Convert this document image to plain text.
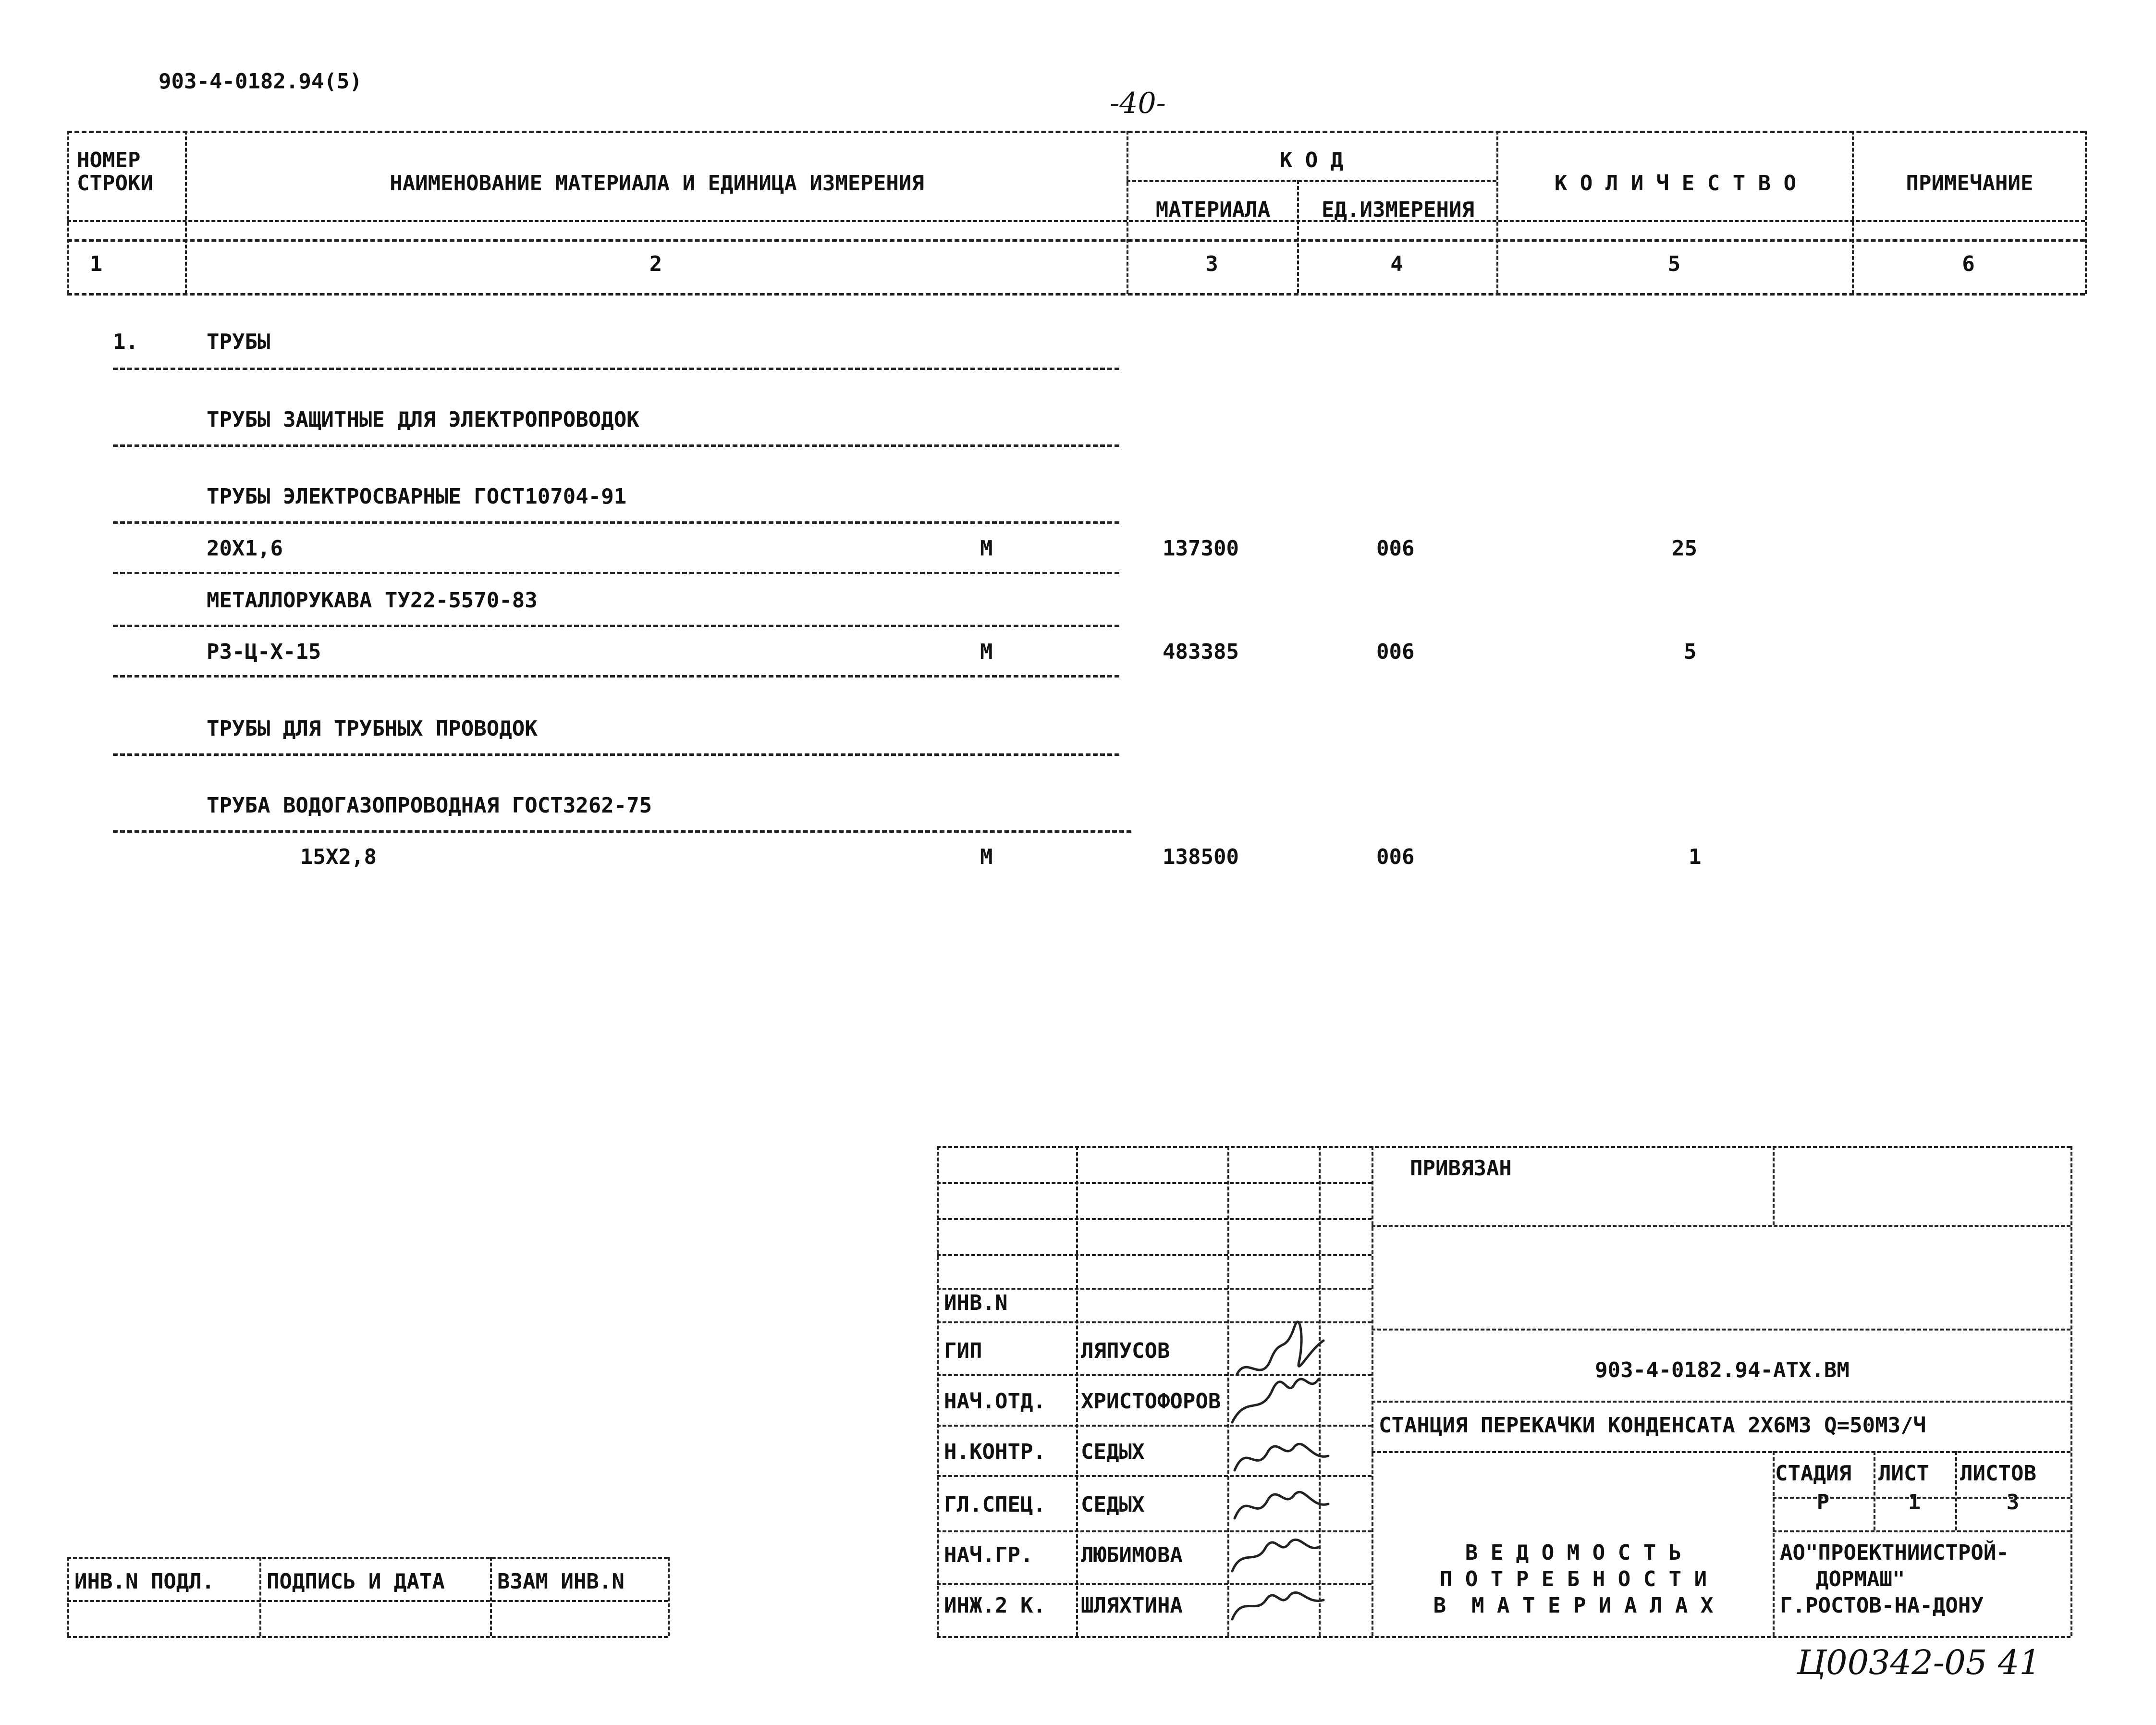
903-4-0182.94(5)
-40-
НОМЕР
СТРОКИ	НАИМЕНОВАНИЕ МАТЕРИАЛА И ЕДИНИЦА ИЗМЕРЕНИЯ
К О Д
МАТЕРИАЛА	ЕД.ИЗМЕРЕНИЯ
К О Л И Ч Е С Т В О	ПРИМЕЧАНИЕ
1	2	3	4	5	6
1.	ТРУБЫ
ТРУБЫ ЗАЩИТНЫЕ ДЛЯ ЭЛЕКТРОПРОВОДОК
ТРУБЫ ЭЛЕКТРОСВАРНЫЕ ГОСТ10704-91
20Х1,6	М	137300	006	25
МЕТАЛЛОРУКАВА ТУ22-5570-83
Р3-Ц-Х-15	М	483385	006	5
ТРУБЫ ДЛЯ ТРУБНЫХ ПРОВОДОК
ТРУБА ВОДОГАЗОПРОВОДНАЯ ГОСТ3262-75
15Х2,8	М	138500	006	1
ИНВ.N ПОДЛ. ПОДПИСЬ И ДАТА ВЗАМ ИНВ.N
ПРИВЯЗАН
ИНВ.N
ГИП	ЛЯПУСОВ
НАЧ.ОТД. ХРИСТОФОРОВ
Н.КОНТР. СЕДЫХ
ГЛ.СПЕЦ. СЕДЫХ
НАЧ.ГР. ЛЮБИМОВА
ИНЖ.2 К. ШЛЯХТИНА
903-4-0182.94-АТХ.ВМ
СТАНЦИЯ ПЕРЕКАЧКИ КОНДЕНСАТА 2Х6М3 Q=50М3/Ч
СТАДИЯ ЛИСТ ЛИСТОВ
Р	1	3
В Е Д О М О С Т Ь
П О Т Р Е Б Н О С Т И
В  М А Т Е Р И А Л А Х
АО"ПРОЕКТНИИСТРОЙ-
ДОРМАШ"
Г.РОСТОВ-НА-ДОНУ
Ц00342-05 41
